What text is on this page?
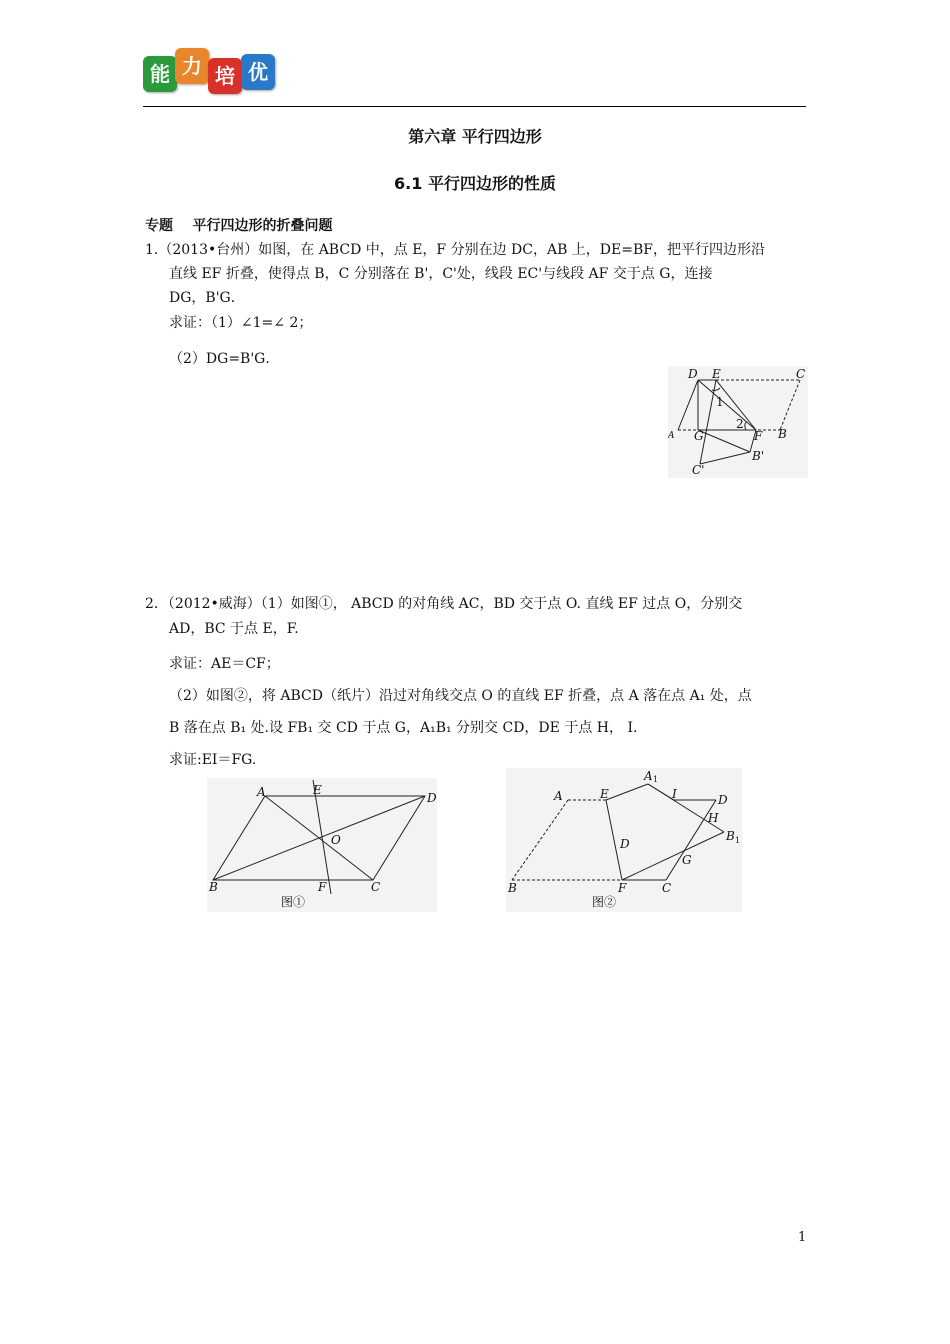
能 力 培 优
第六章 平行四边形
6.1 平行四边形的性质
专题    平行四边形的折叠问题
1.（2013•台州）如图，在 ABCD 中，点 E，F 分别在边 DC，AB 上，DE=BF，把平行四边形沿
直线 EF 折叠，使得点 B，C 分别落在 B'，C'处，线段 EC'与线段 AF 交于点 G，连接
DG，B'G．
求证：（1）∠1=∠ 2；
（2）DG=B'G．
D E	C
A G	F B
B'
C'
1
2
2．（2012•威海）（1）如图①， ABCD 的对角线 AC，BD 交于点 O. 直线 EF 过点 O，分别交
AD，BC 于点 E，F.
求证：AE＝CF；
（2）如图②，将 ABCD（纸片）沿过对角线交点 O 的直线 EF 折叠，点 A 落在点 A₁ 处，点
B 落在点 B₁ 处.设 FB₁ 交 CD 于点 G，A₁B₁ 分别交 CD，DE 于点 H， I.
求证:EI＝FG.
A	E
D
O
B	F	C
图①
A	E
A 1
I	D
H
B 1
D
G
B	F	C
图②
1
